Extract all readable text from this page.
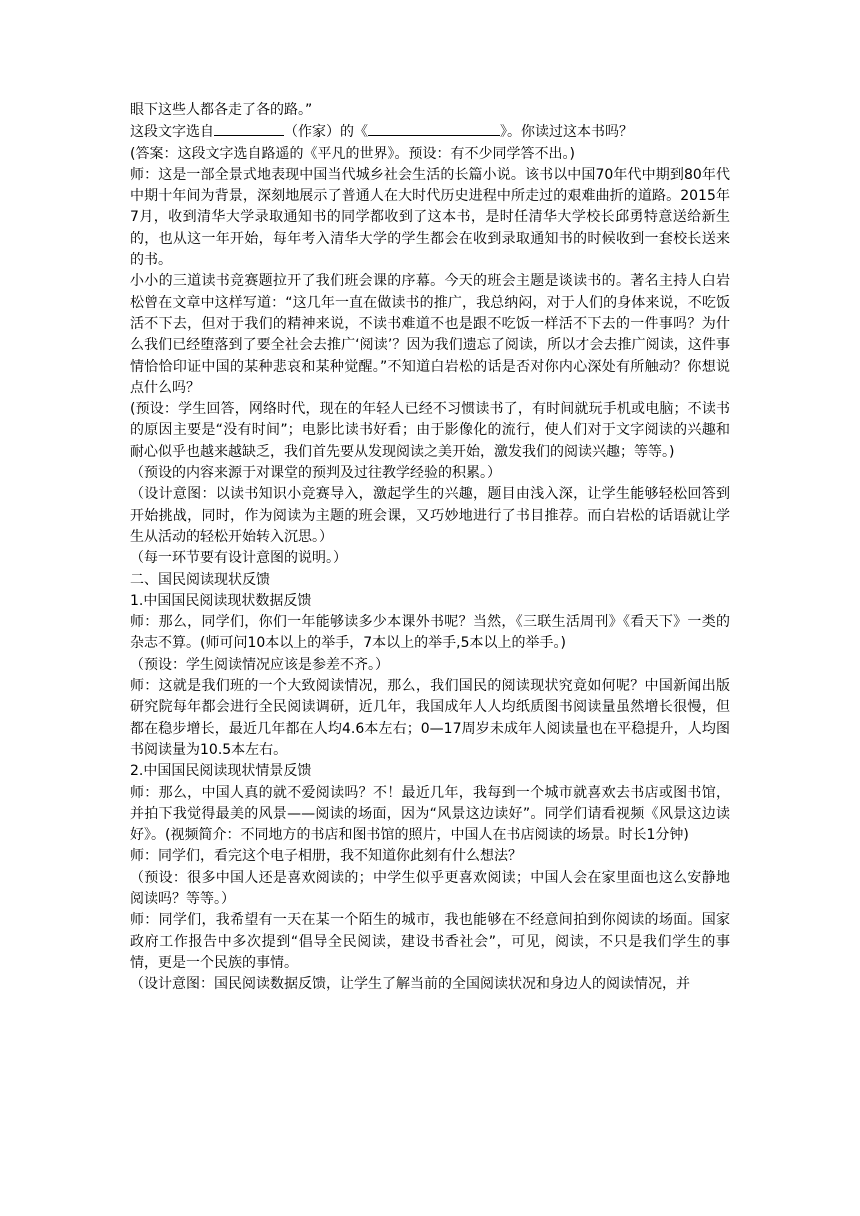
眼下这些人都各走了各的路。”

这段文字选自	（作家）的《	》。你读过这本书吗？

(答案：这段文字选自路遥的《平凡的世界》。预设：有不少同学答不出。)

师：这是一部全景式地表现中国当代城乡社会生活的长篇小说。该书以中国70年代中期到80年代中期十年间为背景，深刻地展示了普通人在大时代历史进程中所走过的艰难曲折的道路。2015年7月，收到清华大学录取通知书的同学都收到了这本书，是时任清华大学校长邱勇特意送给新生的，也从这一年开始，每年考入清华大学的学生都会在收到录取通知书的时候收到一套校长送来的书。

小小的三道读书竞赛题拉开了我们班会课的序幕。今天的班会主题是谈读书的。著名主持人白岩松曾在文章中这样写道：“这几年一直在做读书的推广，我总纳闷，对于人们的身体来说，不吃饭活不下去，但对于我们的精神来说，不读书难道不也是跟不吃饭一样活不下去的一件事吗？为什么我们已经堕落到了要全社会去推广‘阅读’？因为我们遗忘了阅读，所以才会去推广阅读，这件事情恰恰印证中国的某种悲哀和某种觉醒。”不知道白岩松的话是否对你内心深处有所触动？你想说点什么吗？

(预设：学生回答，网络时代，现在的年轻人已经不习惯读书了，有时间就玩手机或电脑；不读书的原因主要是“没有时间”；电影比读书好看；由于影像化的流行，使人们对于文字阅读的兴趣和耐心似乎也越来越缺乏，我们首先要从发现阅读之美开始，激发我们的阅读兴趣；等等。)

（预设的内容来源于对课堂的预判及过往教学经验的积累。）

（设计意图：以读书知识小竞赛导入，激起学生的兴趣，题目由浅入深，让学生能够轻松回答到开始挑战，同时，作为阅读为主题的班会课，又巧妙地进行了书目推荐。而白岩松的话语就让学生从活动的轻松开始转入沉思。）

（每一环节要有设计意图的说明。）

二、国民阅读现状反馈

1.中国国民阅读现状数据反馈

师：那么，同学们，你们一年能够读多少本课外书呢？当然，《三联生活周刊》《看天下》一类的杂志不算。(师可问10本以上的举手，7本以上的举手,5本以上的举手。)

（预设：学生阅读情况应该是参差不齐。）

师：这就是我们班的一个大致阅读情况，那么，我们国民的阅读现状究竟如何呢？中国新闻出版研究院每年都会进行全民阅读调研，近几年，我国成年人人均纸质图书阅读量虽然增长很慢，但都在稳步增长，最近几年都在人均4.6本左右；0—17周岁未成年人阅读量也在平稳提升，人均图书阅读量为10.5本左右。

2.中国国民阅读现状情景反馈

师：那么，中国人真的就不爱阅读吗？不！最近几年，我每到一个城市就喜欢去书店或图书馆，并拍下我觉得最美的风景——阅读的场面，因为“风景这边读好”。同学们请看视频《风景这边读好》。(视频简介：不同地方的书店和图书馆的照片，中国人在书店阅读的场景。时长1分钟)

师：同学们，看完这个电子相册，我不知道你此刻有什么想法？

（预设：很多中国人还是喜欢阅读的；中学生似乎更喜欢阅读；中国人会在家里面也这么安静地阅读吗？等等。）

师：同学们，我希望有一天在某一个陌生的城市，我也能够在不经意间拍到你阅读的场面。国家政府工作报告中多次提到“倡导全民阅读，建设书香社会”，可见，阅读，不只是我们学生的事情，更是一个民族的事情。

（设计意图：国民阅读数据反馈，让学生了解当前的全国阅读状况和身边人的阅读情况，并
